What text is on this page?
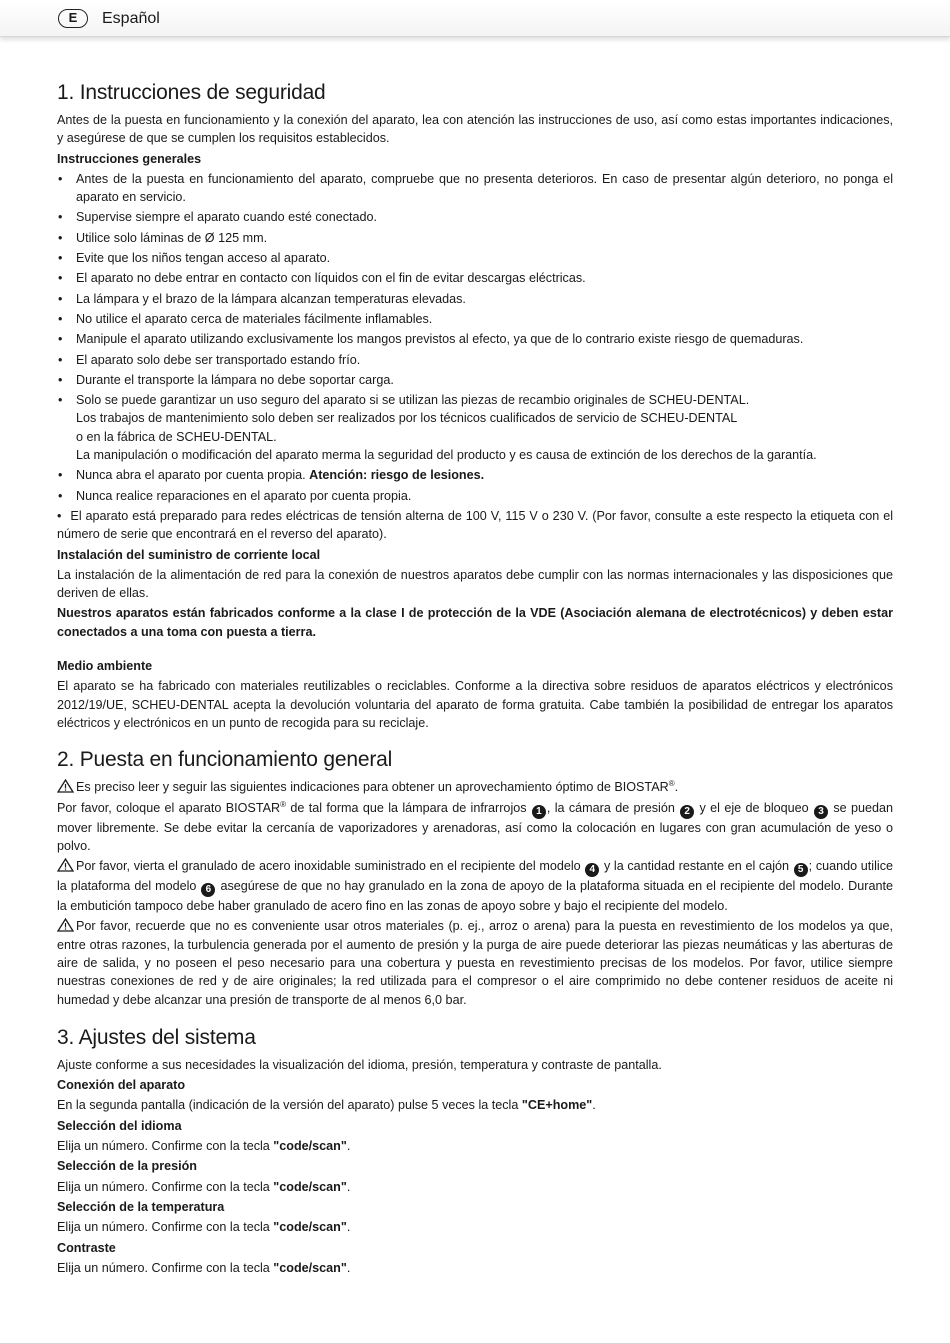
E	Español
1. Instrucciones de seguridad

Antes de la puesta en funcionamiento y la conexión del aparato, lea con atención las instrucciones de uso, así como estas importantes indicaciones, y asegúrese de que se cumplen los requisitos establecidos.

Instrucciones generales
• Antes de la puesta en funcionamiento del aparato, compruebe que no presenta deterioros. En caso de presentar algún deterioro, no ponga el aparato en servicio.
• Supervise siempre el aparato cuando esté conectado.
• Utilice solo láminas de Ø 125 mm.
• Evite que los niños tengan acceso al aparato.
• El aparato no debe entrar en contacto con líquidos con el fin de evitar descargas eléctricas.
• La lámpara y el brazo de la lámpara alcanzan temperaturas elevadas.
• No utilice el aparato cerca de materiales fácilmente inflamables.
• Manipule el aparato utilizando exclusivamente los mangos previstos al efecto, ya que de lo contrario existe riesgo de quemaduras.
• El aparato solo debe ser transportado estando frío.
• Durante el transporte la lámpara no debe soportar carga.
• Solo se puede garantizar un uso seguro del aparato si se utilizan las piezas de recambio originales de SCHEU-DENTAL.
Los trabajos de mantenimiento solo deben ser realizados por los técnicos cualificados de servicio de SCHEU-DENTAL
o en la fábrica de SCHEU-DENTAL.
La manipulación o modificación del aparato merma la seguridad del producto y es causa de extinción de los derechos de la garantía.
• Nunca abra el aparato por cuenta propia. Atención: riesgo de lesiones.
• Nunca realice reparaciones en el aparato por cuenta propia.
• El aparato está preparado para redes eléctricas de tensión alterna de 100 V, 115 V o 230 V. (Por favor, consulte a este respecto la etiqueta con el número de serie que encontrará en el reverso del aparato).
Instalación del suministro de corriente local

La instalación de la alimentación de red para la conexión de nuestros aparatos debe cumplir con las normas internacionales y las disposiciones que deriven de ellas.

Nuestros aparatos están fabricados conforme a la clase I de protección de la VDE (Asociación alemana de electrotécnicos) y deben estar conectados a una toma con puesta a tierra.

Medio ambiente

El aparato se ha fabricado con materiales reutilizables o reciclables. Conforme a la directiva sobre residuos de aparatos eléctricos y electrónicos 2012/19/UE, SCHEU-DENTAL acepta la devolución voluntaria del aparato de forma gratuita. Cabe también la posibilidad de entregar los aparatos eléctricos y electrónicos en un punto de recogida para su reciclaje.

2. Puesta en funcionamiento general

Es preciso leer y seguir las siguientes indicaciones para obtener un aprovechamiento óptimo de BIOSTAR®.

Por favor, coloque el aparato BIOSTAR® de tal forma que la lámpara de infrarrojos 1 , la cámara de presión 2 y el eje de bloqueo 3 se puedan mover libremente. Se debe evitar la cercanía de vaporizadores y arenadoras, así como la colocación en lugares con gran acumulación de yeso o polvo.

Por favor, vierta el granulado de acero inoxidable suministrado en el recipiente del modelo 4 y la cantidad restante en el cajón 5 ; cuando utilice la plataforma del modelo 6 asegúrese de que no hay granulado en la zona de apoyo de la plataforma situada en el recipiente del modelo. Durante la embutición tampoco debe haber granulado de acero fino en las zonas de apoyo sobre y bajo el recipiente del modelo.

Por favor, recuerde que no es conveniente usar otros materiales (p. ej., arroz o arena) para la puesta en revestimiento de los modelos ya que, entre otras razones, la turbulencia generada por el aumento de presión y la purga de aire puede deteriorar las piezas neumáticas y las aberturas de aire de salida, y no poseen el peso necesario para una cobertura y puesta en revestimiento precisas de los modelos. Por favor, utilice siempre nuestras conexiones de red y de aire originales; la red utilizada para el compresor o el aire comprimido no debe contener residuos de aceite ni humedad y debe alcanzar una presión de transporte de al menos 6,0 bar.

3. Ajustes del sistema

Ajuste conforme a sus necesidades la visualización del idioma, presión, temperatura y contraste de pantalla.

Conexión del aparato

En la segunda pantalla (indicación de la versión del aparato) pulse 5 veces la tecla "CE+home".

Selección del idioma

Elija un número. Confirme con la tecla "code/scan".

Selección de la presión

Elija un número. Confirme con la tecla "code/scan".

Selección de la temperatura

Elija un número. Confirme con la tecla "code/scan".

Contraste

Elija un número. Confirme con la tecla "code/scan".
